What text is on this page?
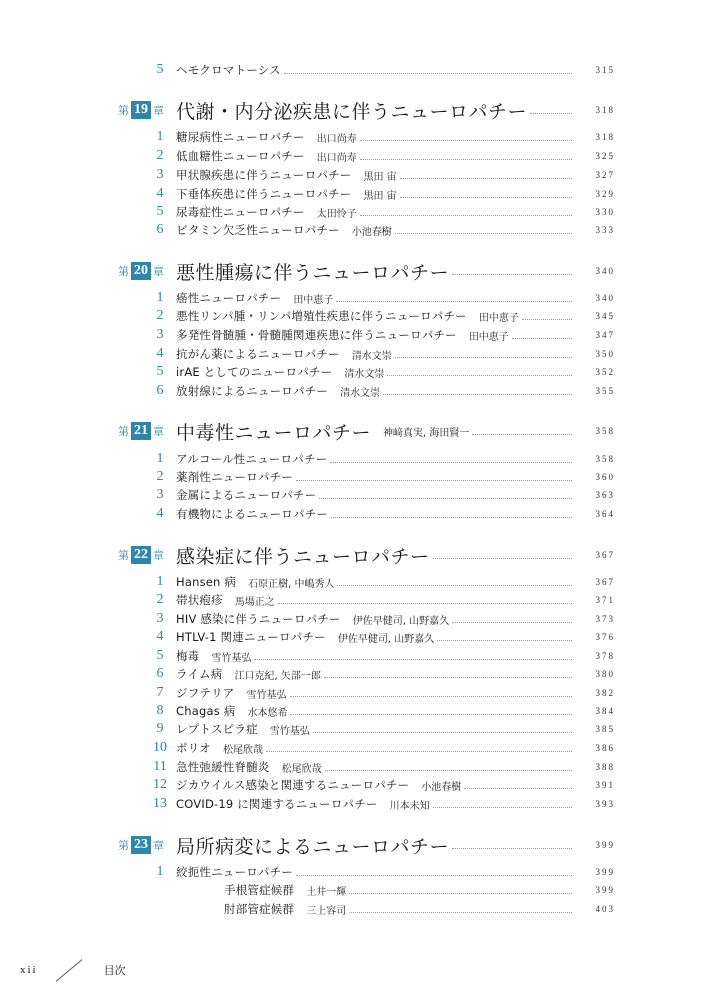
5	ヘモクロマトーシス	315
第 19 章 代謝・内分泌疾患に伴うニューロパチー	318
1	糖尿病性ニューロパチー 出口尚寿	318
2	低血糖性ニューロパチー 出口尚寿	325
3	甲状腺疾患に伴うニューロパチー 黒田 宙	327
4	下垂体疾患に伴うニューロパチー 黒田 宙	329
5	尿毒症性ニューロパチー 太田怜子	330
6	ビタミン欠乏性ニューロパチー 小池春樹	333
第 20 章 悪性腫瘍に伴うニューロパチー	340
1	癌性ニューロパチー 田中恵子	340
2	悪性リンパ腫・リンパ増殖性疾患に伴うニューロパチー 田中恵子	345
3	多発性骨髄腫・骨髄腫関連疾患に伴うニューロパチー 田中恵子	347
4	抗がん薬によるニューロパチー 清水文崇	350
5	irAE としてのニューロパチー 清水文崇	352
6	放射線によるニューロパチー 清水文崇	355
第 21 章 中毒性ニューロパチー 神﨑真実, 海田賢一	358
1	アルコール性ニューロパチー	358
2	薬剤性ニューロパチー	360
3	金属によるニューロパチー	363
4	有機物によるニューロパチー	364
第 22 章 感染症に伴うニューロパチー	367
1	Hansen 病 石原正樹, 中嶋秀人	367
2	帯状疱疹 馬場正之	371
3	HIV 感染に伴うニューロパチー 伊佐早健司, 山野嘉久	373
4	HTLV-1 関連ニューロパチー 伊佐早健司, 山野嘉久	376
5	梅毒 雪竹基弘	378
6	ライム病 江口克紀, 矢部一郎	380
7	ジフテリア 雪竹基弘	382
8	Chagas 病 水本悠希	384
9	レプトスピラ症 雪竹基弘	385
10 ポリオ 松尾欣哉	386
11 急性弛緩性脊髄炎 松尾欣哉	388
12 ジカウイルス感染と関連するニューロパチー 小池春樹	391
13 COVID-19 に関連するニューロパチー 川本未知	393
第 23 章 局所病変によるニューロパチー	399
1	絞扼性ニューロパチー	399
手根管症候群 土井一輝	399
肘部管症候群 三上容司	403
xii	目次
